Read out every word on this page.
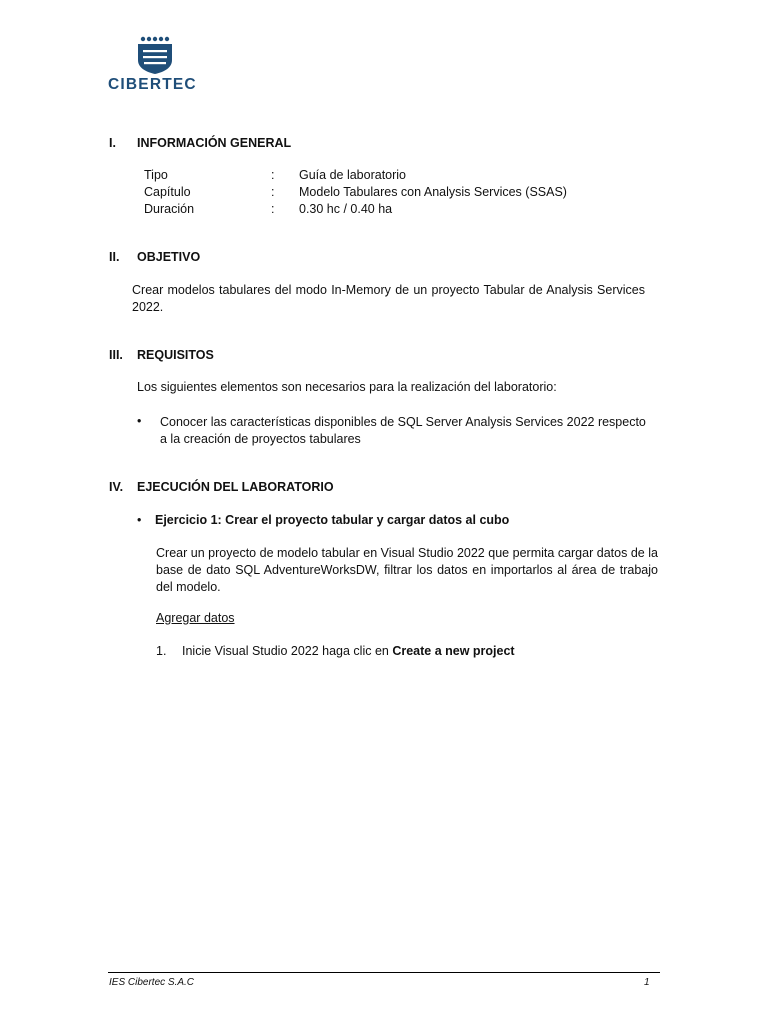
CIBERTEC
I. INFORMACIÓN GENERAL
Tipo	: Guía de laboratorio
Capítulo	: Modelo Tabulares con Analysis Services (SSAS)
Duración	: 0.30 hc / 0.40 ha
II. OBJETIVO
Crear modelos tabulares del modo In-Memory de un proyecto Tabular de Analysis Services 2022.
III. REQUISITOS
Los siguientes elementos son necesarios para la realización del laboratorio:
• Conocer las características disponibles de SQL Server Analysis Services 2022 respecto a la creación de proyectos tabulares
IV. EJECUCIÓN DEL LABORATORIO
• Ejercicio 1: Crear el proyecto tabular y cargar datos al cubo
Crear un proyecto de modelo tabular en Visual Studio 2022 que permita cargar datos de la base de dato SQL AdventureWorksDW, filtrar los datos en importarlos al área de trabajo del modelo.
Agregar datos
1. Inicie Visual Studio 2022 haga clic en Create a new project
IES Cibertec S.A.C	1
